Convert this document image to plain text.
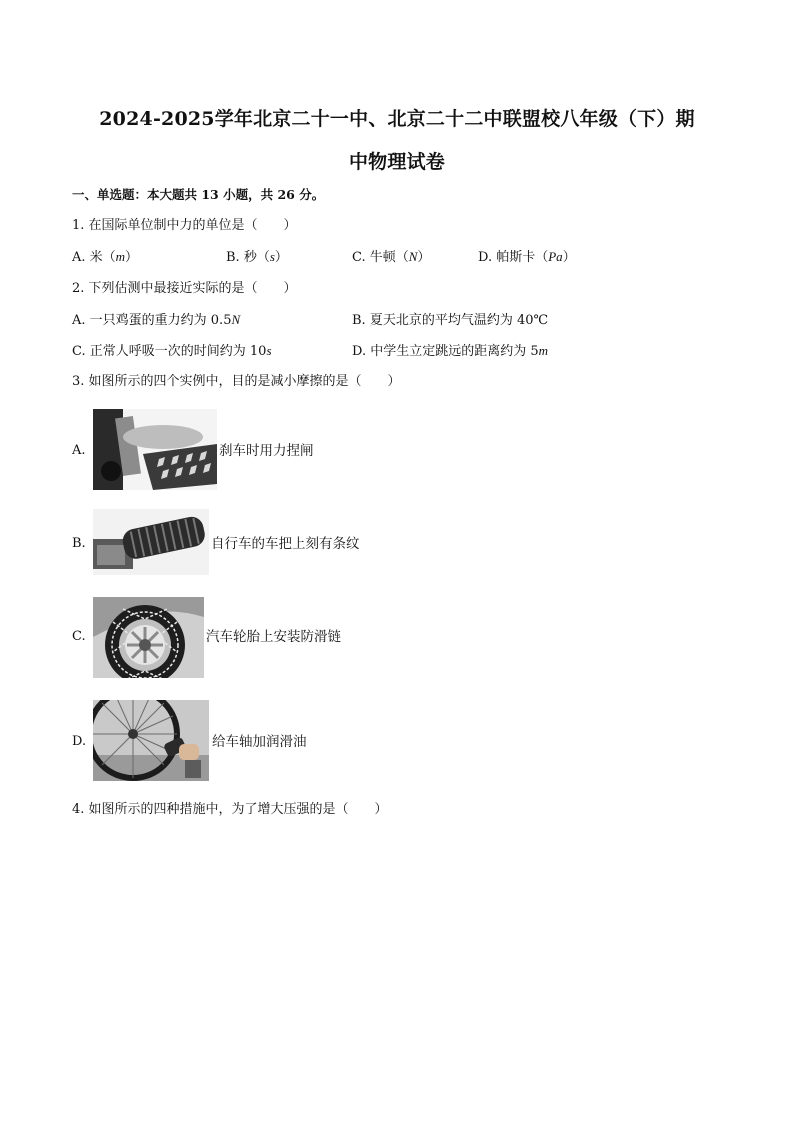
2024-2025学年北京二十一中、北京二十二中联盟校八年级（下）期
中物理试卷
一、单选题：本大题共 13 小题，共 26 分。
1. 在国际单位制中力的单位是（　　）
A. 米（m）	B. 秒（s）	C. 牛顿（N）	D. 帕斯卡（Pa）
2. 下列估测中最接近实际的是（　　）
A. 一只鸡蛋的重力约为 0.5N	B. 夏天北京的平均气温约为 40℃
C. 正常人呼吸一次的时间约为 10s	D. 中学生立定跳远的距离约为 5m
3. 如图所示的四个实例中，目的是减小摩擦的是（　　）
A.	刹车时用力捏闸
B.	自行车的车把上刻有条纹
C.	汽车轮胎上安装防滑链
D.	给车轴加润滑油
4. 如图所示的四种措施中，为了增大压强的是（　　）
